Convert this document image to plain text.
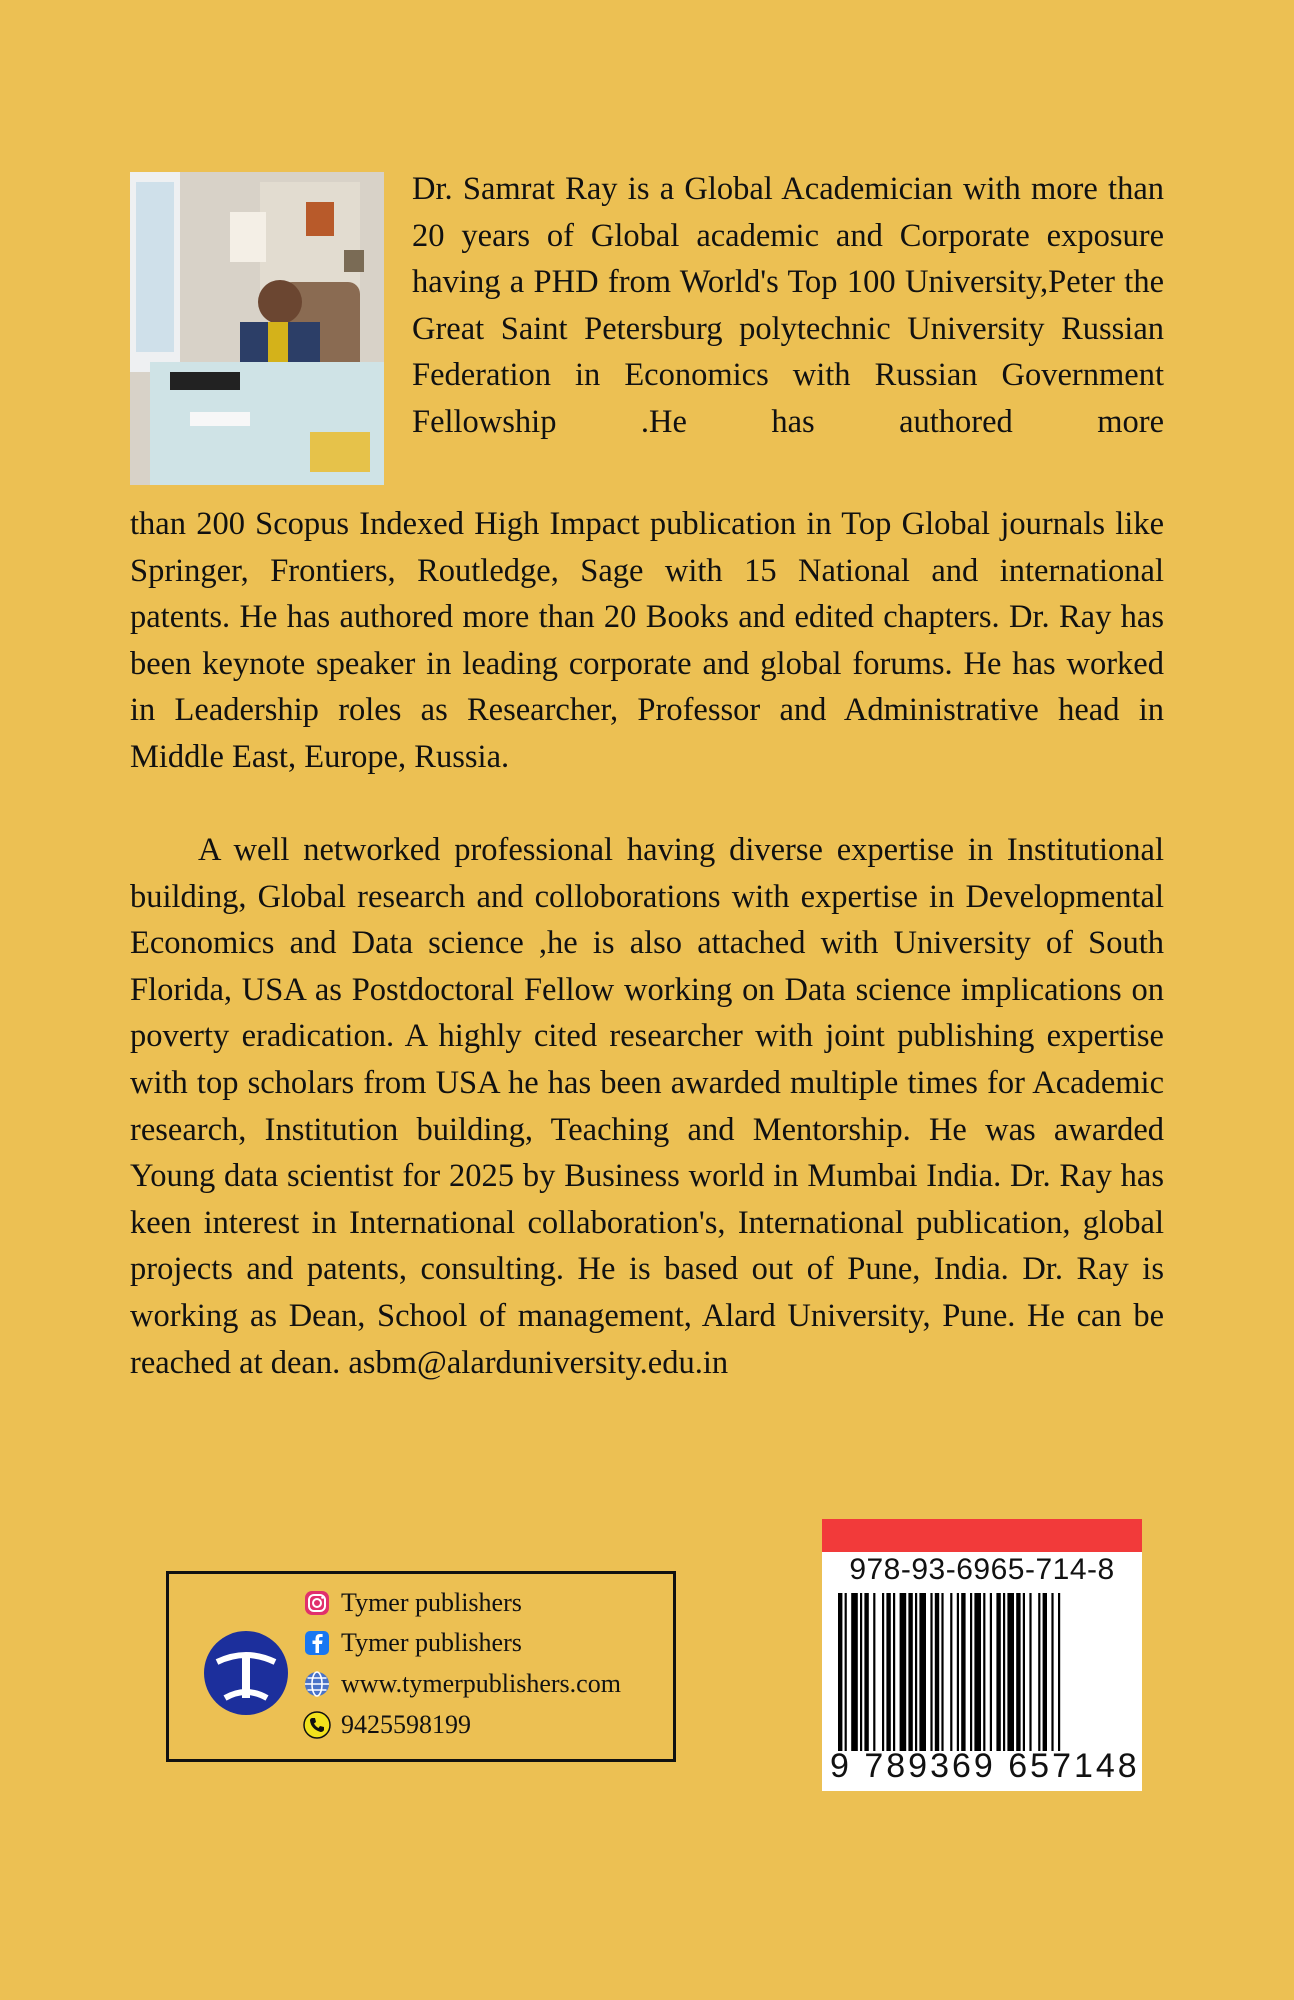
Dr. Samrat Ray is a Global Academician with more than 20 years of Global academic and Corporate exposure having a PHD from World's Top 100 University,Peter the Great Saint Petersburg polytechnic University Russian Federation in Economics with Russian Government Fellowship .He has authored more

than 200 Scopus Indexed High Impact publication in Top Global journals like Springer, Frontiers, Routledge, Sage with 15 National and international patents. He has authored more than 20 Books and edited chapters. Dr. Ray has been keynote speaker in leading corporate and global forums. He has worked in Leadership roles as Researcher, Professor and Administrative head in Middle East, Europe, Russia.

A well networked professional having diverse expertise in Institutional building, Global research and colloborations with expertise in Developmental Economics and Data science ,he is also attached with University of South Florida, USA as Postdoctoral Fellow working on Data science implications on poverty eradication. A highly cited researcher with joint publishing expertise with top scholars from USA he has been awarded multiple times for Academic research, Institution building, Teaching and Mentorship. He was awarded Young data scientist for 2025 by Business world in Mumbai India. Dr. Ray has keen interest in International collaboration's, International publication, global projects and patents, consulting. He is based out of Pune, India. Dr. Ray is working as Dean, School of management, Alard University, Pune. He can be reached at dean. asbm@alarduniversity.edu.in

Tymer publishers
Tymer publishers
www.tymerpublishers.com
9425598199
978-93-6965-714-8
9 789369 657148
